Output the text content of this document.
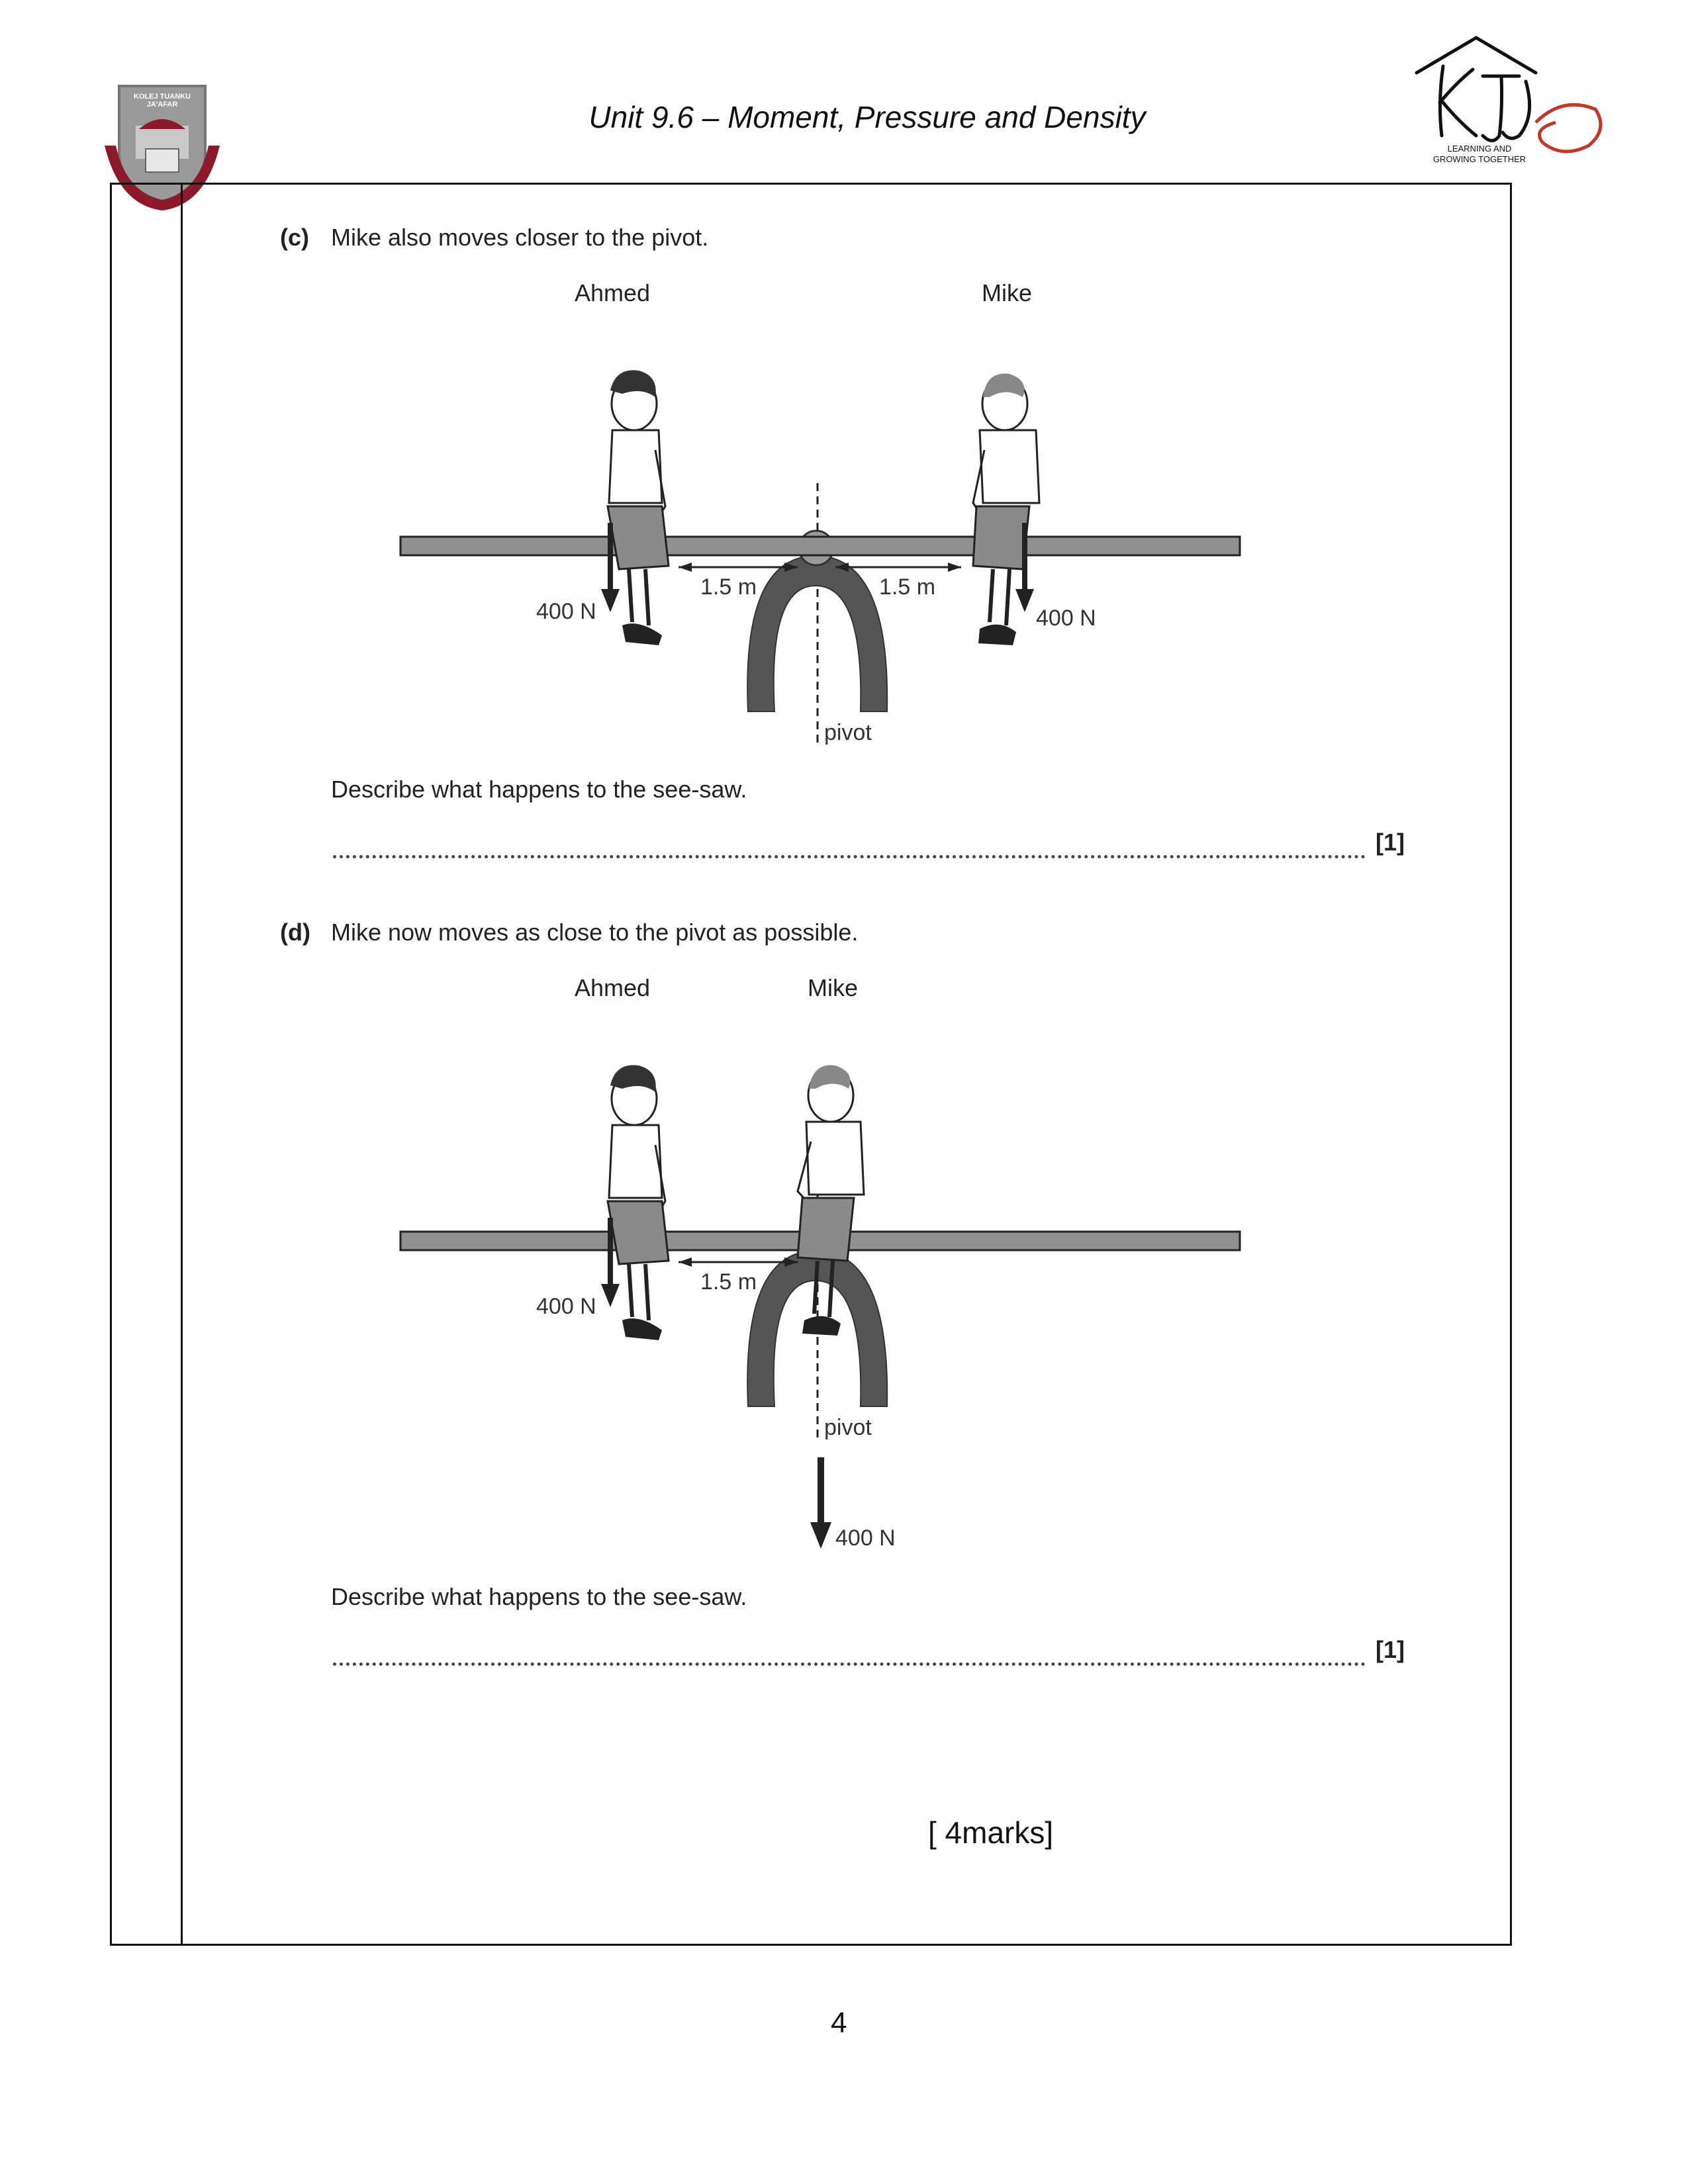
KOLEJ TUANKU JA'AFAR	Unit 9.6 – Moment, Pressure and Density
LEARNING AND GROWING TOGETHER
(c) Mike also moves closer to the pivot.
Ahmed	Mike
1.5 m	1.5 m
400 N	400 N
pivot
Describe what happens to the see-saw.
[1]
(d) Mike now moves as close to the pivot as possible.
Ahmed	Mike
1.5 m
400 N
pivot
400 N
Describe what happens to the see-saw.
[1]
[ 4marks]
4
